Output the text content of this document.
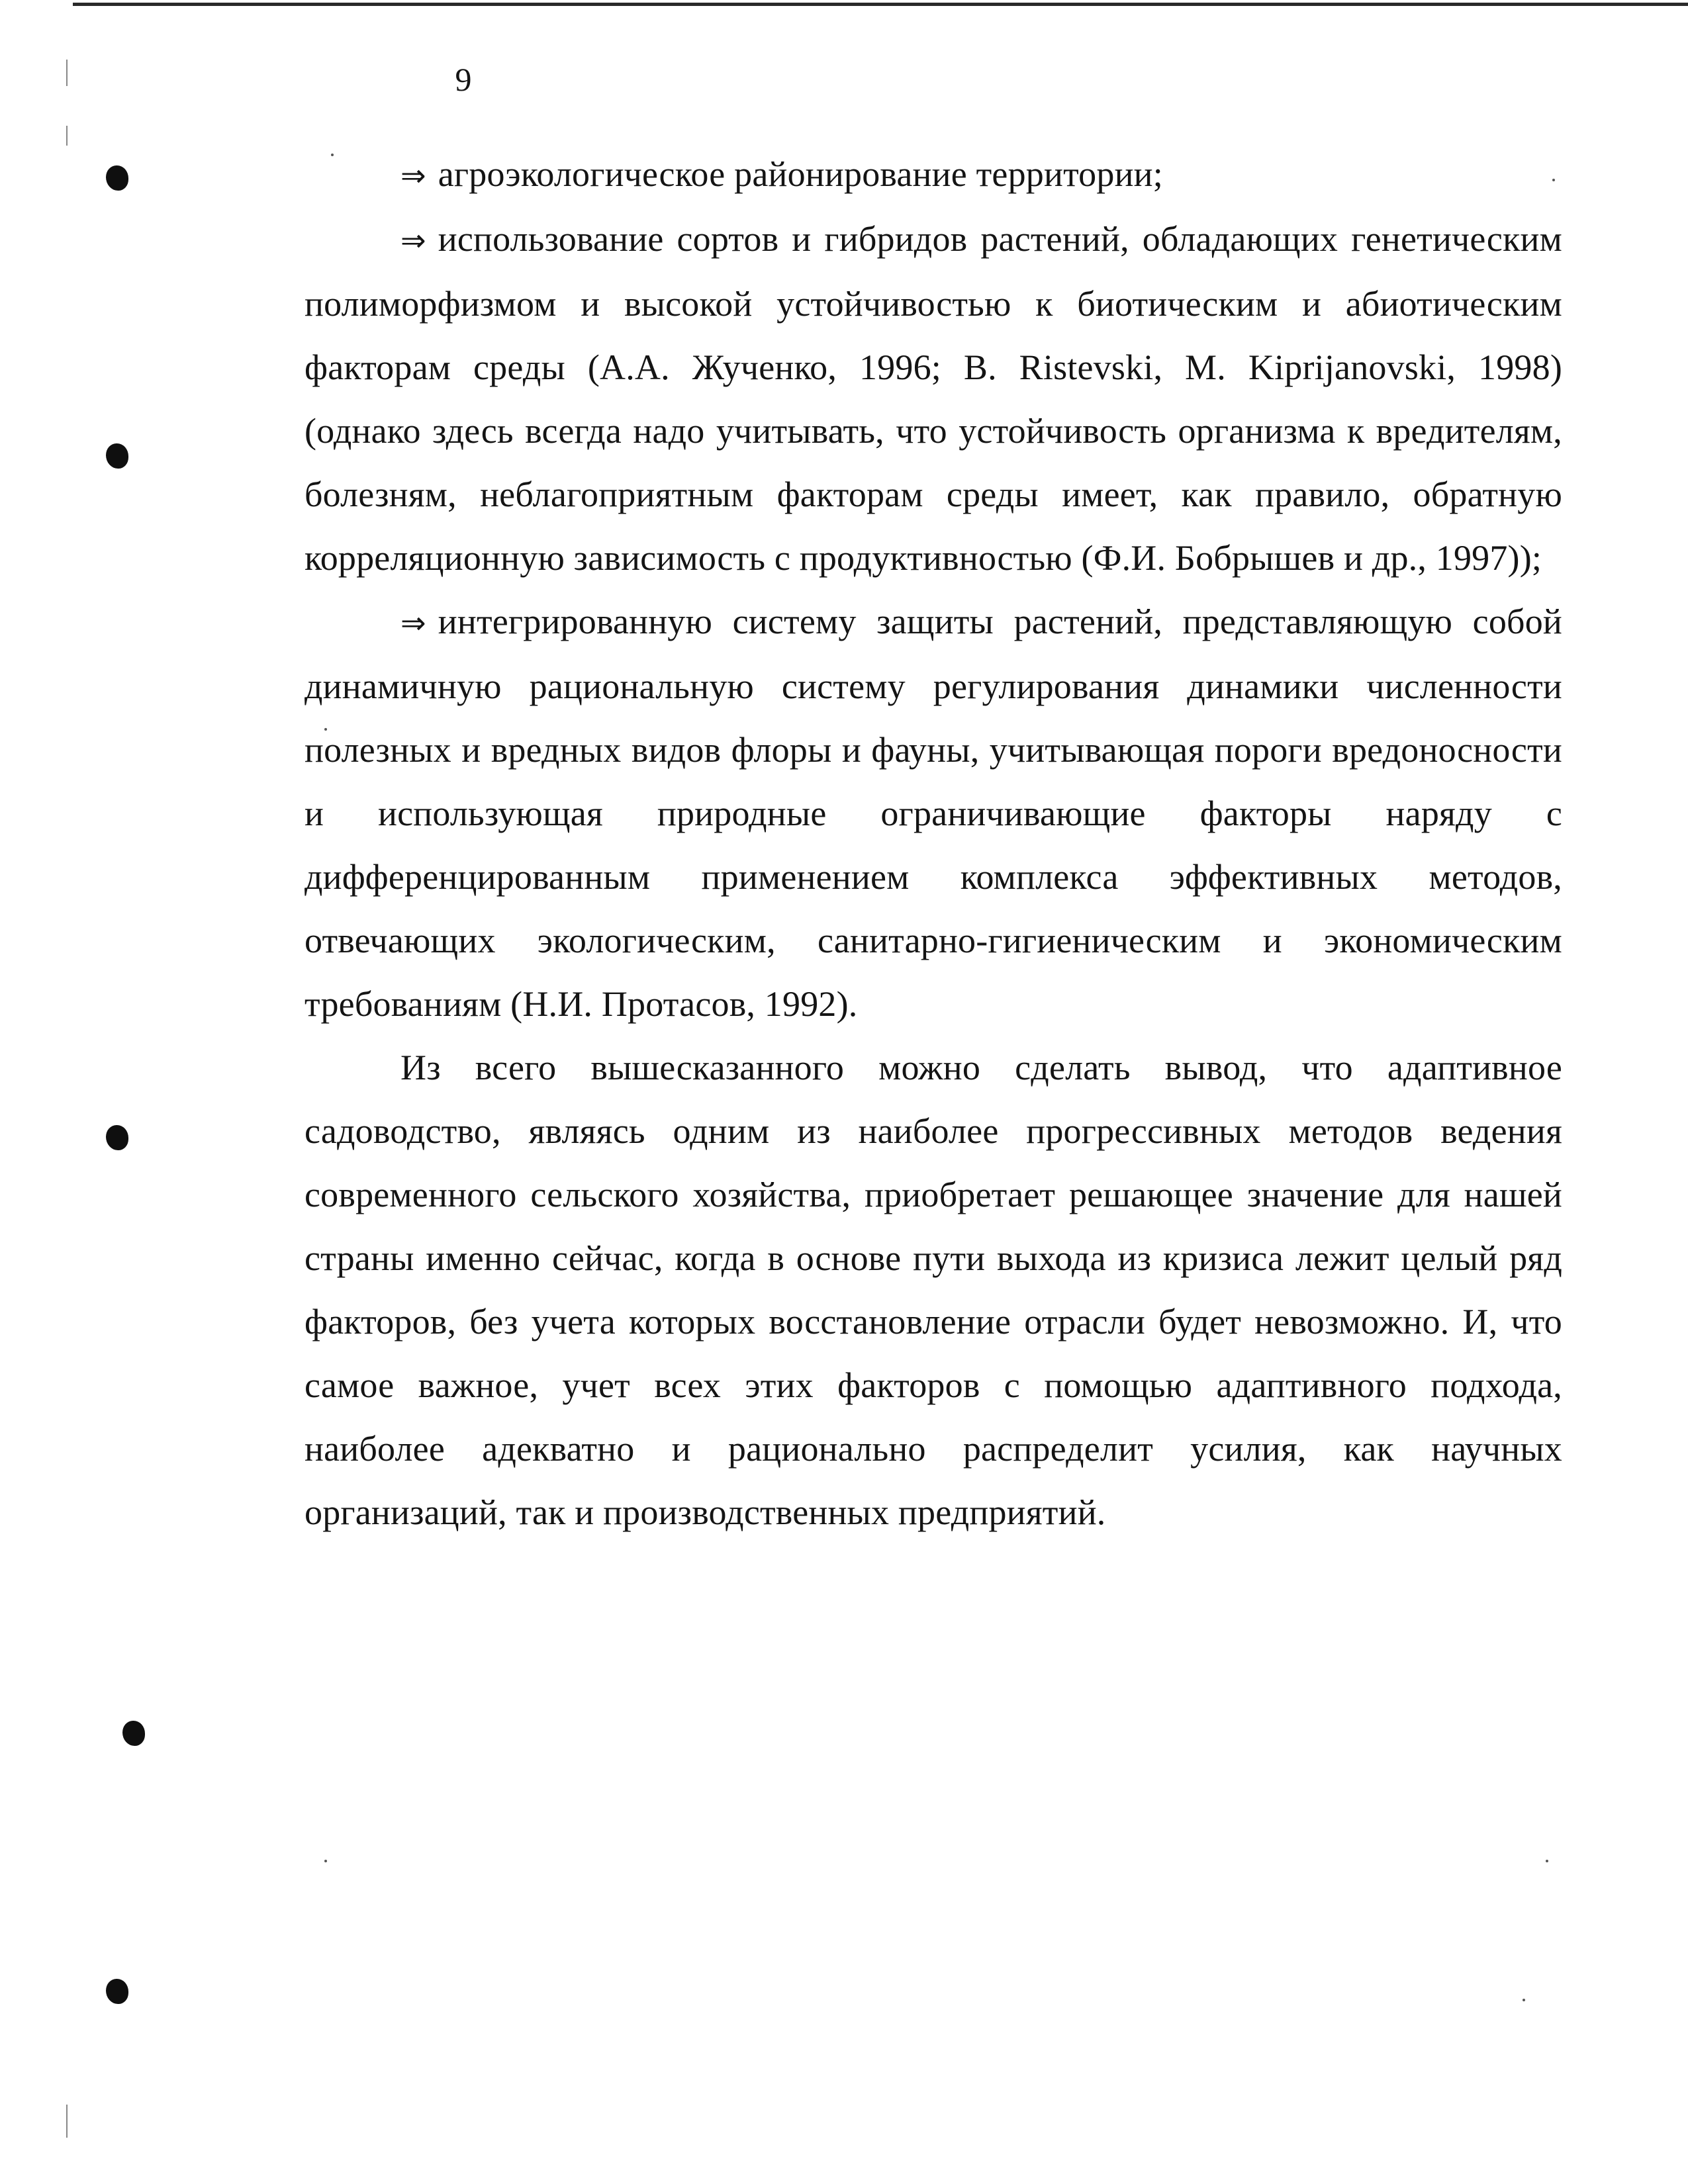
9

⇒ агроэкологическое районирование территории;

⇒ использование сортов и гибридов растений, обладающих генетическим полиморфизмом и высокой устойчивостью к биотическим и абиотическим факторам среды (А.А. Жученко, 1996; B. Ristevski, M. Kiprijanovski, 1998) (однако здесь всегда надо учитывать, что устойчивость организма к вредителям, болезням, неблагоприятным факторам среды имеет, как правило, обратную корреляционную зависимость с продуктивностью (Ф.И. Бобрышев и др., 1997));

⇒ интегрированную систему защиты растений, представляющую собой динамичную рациональную систему регулирования динамики численности полезных и вредных видов флоры и фауны, учитывающая пороги вредоносности и использующая природные ограничивающие факторы наряду с дифференцированным применением комплекса эффективных методов, отвечающих экологическим, санитарно-гигиеническим и экономическим требованиям (Н.И. Протасов, 1992).

Из всего вышесказанного можно сделать вывод, что адаптивное садоводство, являясь одним из наиболее прогрессивных методов ведения современного сельского хозяйства, приобретает решающее значение для нашей страны именно сейчас, когда в основе пути выхода из кризиса лежит целый ряд факторов, без учета которых восстановление отрасли будет невозможно. И, что самое важное, учет всех этих факторов с помощью адаптивного подхода, наиболее адекватно и рационально распределит усилия, как научных организаций, так и производственных предприятий.
